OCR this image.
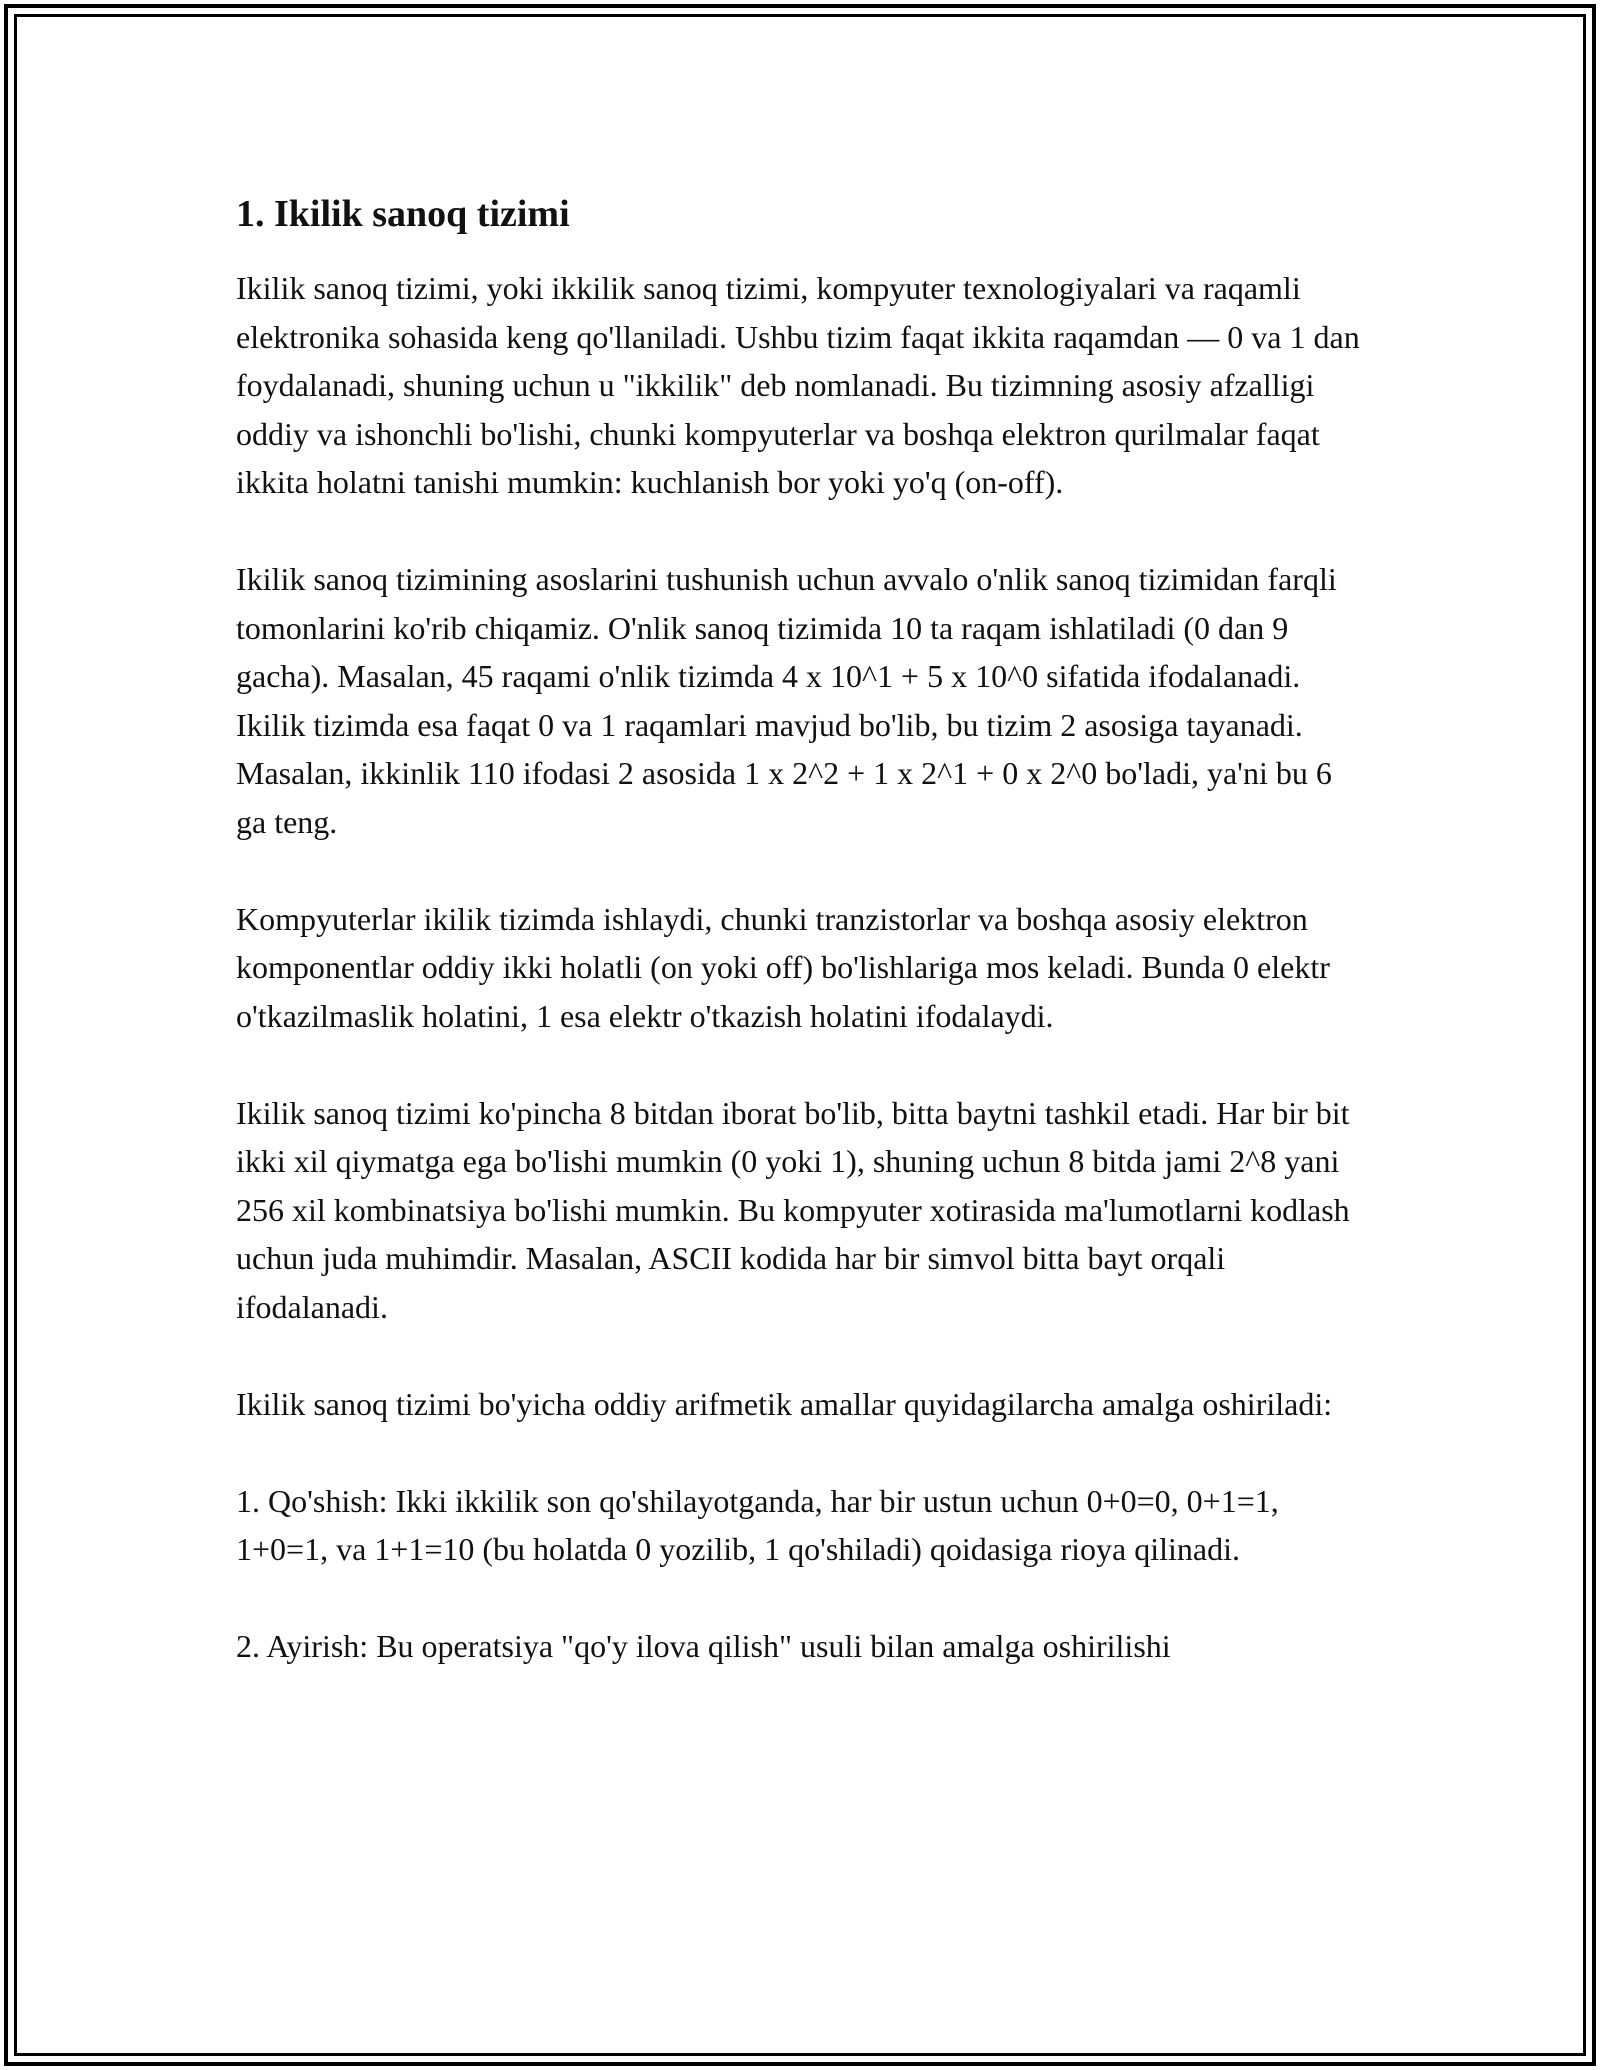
1. Ikilik sanoq tizimi

Ikilik sanoq tizimi, yoki ikkilik sanoq tizimi, kompyuter texnologiyalari va raqamli elektronika sohasida keng qo'llaniladi. Ushbu tizim faqat ikkita raqamdan — 0 va 1 dan foydalanadi, shuning uchun u "ikkilik" deb nomlanadi. Bu tizimning asosiy afzalligi oddiy va ishonchli bo'lishi, chunki kompyuterlar va boshqa elektron qurilmalar faqat ikkita holatni tanishi mumkin: kuchlanish bor yoki yo'q (on-off).

Ikilik sanoq tizimining asoslarini tushunish uchun avvalo o'nlik sanoq tizimidan farqli tomonlarini ko'rib chiqamiz. O'nlik sanoq tizimida 10 ta raqam ishlatiladi (0 dan 9 gacha). Masalan, 45 raqami o'nlik tizimda 4 x 10^1 + 5 x 10^0 sifatida ifodalanadi. Ikilik tizimda esa faqat 0 va 1 raqamlari mavjud bo'lib, bu tizim 2 asosiga tayanadi. Masalan, ikkinlik 110 ifodasi 2 asosida 1 x 2^2 + 1 x 2^1 + 0 x 2^0 bo'ladi, ya'ni bu 6 ga teng.

Kompyuterlar ikilik tizimda ishlaydi, chunki tranzistorlar va boshqa asosiy elektron komponentlar oddiy ikki holatli (on yoki off) bo'lishlariga mos keladi. Bunda 0 elektr o'tkazilmaslik holatini, 1 esa elektr o'tkazish holatini ifodalaydi.

Ikilik sanoq tizimi ko'pincha 8 bitdan iborat bo'lib, bitta baytni tashkil etadi. Har bir bit ikki xil qiymatga ega bo'lishi mumkin (0 yoki 1), shuning uchun 8 bitda jami 2^8 yani 256 xil kombinatsiya bo'lishi mumkin. Bu kompyuter xotirasida ma'lumotlarni kodlash uchun juda muhimdir. Masalan, ASCII kodida har bir simvol bitta bayt orqali ifodalanadi.

Ikilik sanoq tizimi bo'yicha oddiy arifmetik amallar quyidagilarcha amalga oshiriladi:

1. Qo'shish: Ikki ikkilik son qo'shilayotganda, har bir ustun uchun 0+0=0, 0+1=1, 1+0=1, va 1+1=10 (bu holatda 0 yozilib, 1 qo'shiladi) qoidasiga rioya qilinadi.

2. Ayirish: Bu operatsiya "qo'y ilova qilish" usuli bilan amalga oshirilishi
